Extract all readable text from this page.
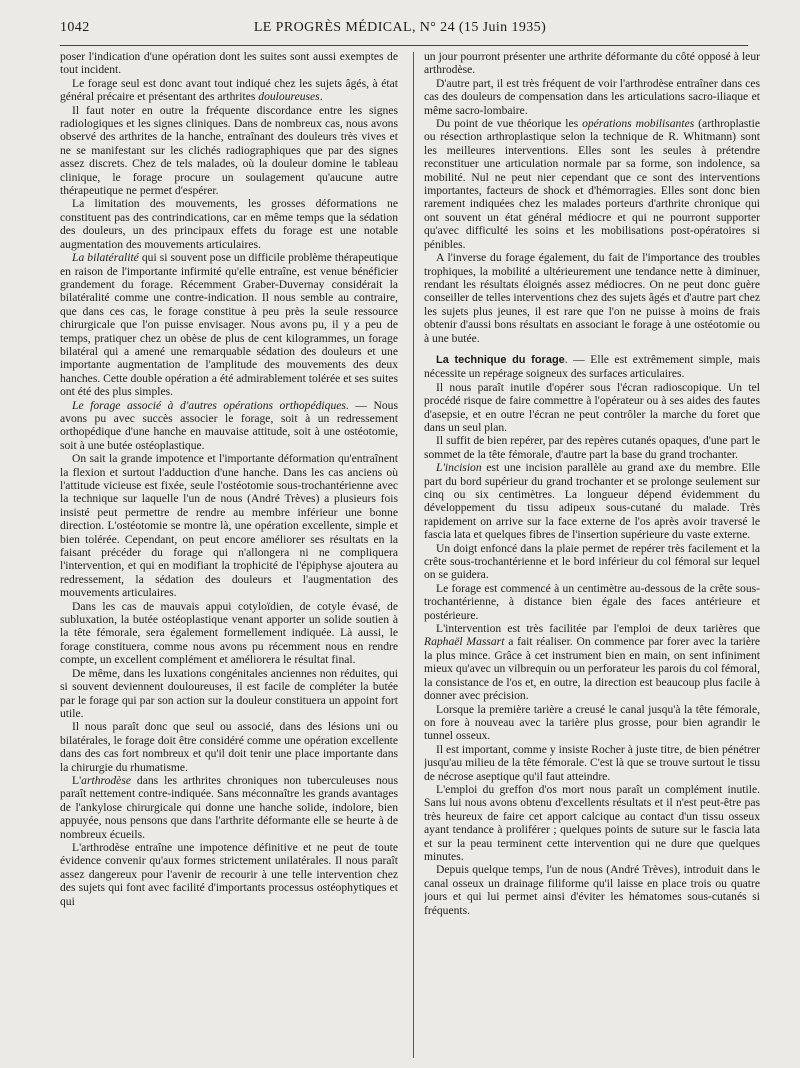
1042	LE PROGRÈS MÉDICAL, N° 24 (15 Juin 1935)

poser l'indication d'une opération dont les suites sont aussi exemptes de tout incident.

Le forage seul est donc avant tout indiqué chez les sujets âgés, à état général précaire et présentant des arthrites douloureuses.

Il faut noter en outre la fréquente discordance entre les signes radiologiques et les signes cliniques. Dans de nombreux cas, nous avons observé des arthrites de la hanche, entraînant des douleurs très vives et ne se manifestant sur les clichés radiographiques que par des signes assez discrets. Chez de tels malades, où la douleur domine le tableau clinique, le forage procure un soulagement qu'aucune autre thérapeutique ne permet d'espérer.

La limitation des mouvements, les grosses déformations ne constituent pas des contrindications, car en même temps que la sédation des douleurs, un des principaux effets du forage est une notable augmentation des mouvements articulaires.

La bilatéralité qui si souvent pose un difficile problème thérapeutique en raison de l'importante infirmité qu'elle entraîne, est venue bénéficier grandement du forage. Récemment Graber-Duvernay considérait la bilatéralité comme une contre-indication. Il nous semble au contraire, que dans ces cas, le forage constitue à peu près la seule ressource chirurgicale que l'on puisse envisager. Nous avons pu, il y a peu de temps, pratiquer chez un obèse de plus de cent kilogrammes, un forage bilatéral qui a amené une remarquable sédation des douleurs et une importante augmentation de l'amplitude des mouvements des deux hanches. Cette double opération a été admirablement tolérée et ses suites ont été des plus simples.

Le forage associé à d'autres opérations orthopédiques. — Nous avons pu avec succès associer le forage, soit à un redressement orthopédique d'une hanche en mauvaise attitude, soit à une ostéotomie, soit à une butée ostéoplastique.

On sait la grande impotence et l'importante déformation qu'entraînent la flexion et surtout l'adduction d'une hanche. Dans les cas anciens où l'attitude vicieuse est fixée, seule l'ostéotomie sous-trochantérienne avec la technique sur laquelle l'un de nous (André Trèves) a plusieurs fois insisté peut permettre de rendre au membre inférieur une bonne direction. L'ostéotomie se montre là, une opération excellente, simple et bien tolérée. Cependant, on peut encore améliorer ses résultats en la faisant précéder du forage qui n'allongera ni ne compliquera l'intervention, et qui en modifiant la trophicité de l'épiphyse ajoutera au redressement, la sédation des douleurs et l'augmentation des mouvements articulaires.

Dans les cas de mauvais appui cotyloïdien, de cotyle évasé, de subluxation, la butée ostéoplastique venant apporter un solide soutien à la tête fémorale, sera également formellement indiquée. Là aussi, le forage constituera, comme nous avons pu récemment nous en rendre compte, un excellent complément et améliorera le résultat final.

De même, dans les luxations congénitales anciennes non réduites, qui si souvent deviennent douloureuses, il est facile de compléter la butée par le forage qui par son action sur la douleur constituera un appoint fort utile.

Il nous paraît donc que seul ou associé, dans des lésions uni ou bilatérales, le forage doit être considéré comme une opération excellente dans des cas fort nombreux et qu'il doit tenir une place importante dans la chirurgie du rhumatisme.

L'arthrodèse dans les arthrites chroniques non tuberculeuses nous paraît nettement contre-indiquée. Sans méconnaître les grands avantages de l'ankylose chirurgicale qui donne une hanche solide, indolore, bien appuyée, nous pensons que dans l'arthrite déformante elle se heurte à de nombreux écueils.

L'arthrodèse entraîne une impotence définitive et ne peut de toute évidence convenir qu'aux formes strictement unilatérales. Il nous paraît assez dangereux pour l'avenir de recourir à une telle intervention chez des sujets qui font avec facilité d'importants processus ostéophytiques et qui

un jour pourront présenter une arthrite déformante du côté opposé à leur arthrodèse.

D'autre part, il est très fréquent de voir l'arthrodèse entraîner dans ces cas des douleurs de compensation dans les articulations sacro-iliaque et même sacro-lombaire.

Du point de vue théorique les opérations mobilisantes (arthroplastie ou résection arthroplastique selon la technique de R. Whitmann) sont les meilleures interventions. Elles sont les seules à prétendre reconstituer une articulation normale par sa forme, son indolence, sa mobilité. Nul ne peut nier cependant que ce sont des interventions importantes, facteurs de shock et d'hémorragies. Elles sont donc bien rarement indiquées chez les malades porteurs d'arthrite chronique qui ont souvent un état général médiocre et qui ne pourront supporter qu'avec difficulté les soins et les mobilisations post-opératoires si pénibles.

A l'inverse du forage également, du fait de l'importance des troubles trophiques, la mobilité a ultérieurement une tendance nette à diminuer, rendant les résultats éloignés assez médiocres. On ne peut donc guère conseiller de telles interventions chez des sujets âgés et d'autre part chez les sujets plus jeunes, il est rare que l'on ne puisse à moins de frais obtenir d'aussi bons résultats en associant le forage à une ostéotomie ou à une butée.

La technique du forage. — Elle est extrêmement simple, mais nécessite un repérage soigneux des surfaces articulaires.

Il nous paraît inutile d'opérer sous l'écran radioscopique. Un tel procédé risque de faire commettre à l'opérateur ou à ses aides des fautes d'asepsie, et en outre l'écran ne peut contrôler la marche du foret que dans un seul plan.

Il suffit de bien repérer, par des repères cutanés opaques, d'une part le sommet de la tête fémorale, d'autre part la base du grand trochanter.

L'incision est une incision parallèle au grand axe du membre. Elle part du bord supérieur du grand trochanter et se prolonge seulement sur cinq ou six centimètres. La longueur dépend évidemment du développement du tissu adipeux sous-cutané du malade. Très rapidement on arrive sur la face externe de l'os après avoir traversé le fascia lata et quelques fibres de l'insertion supérieure du vaste externe.

Un doigt enfoncé dans la plaie permet de repérer très facilement et la crête sous-trochantérienne et le bord inférieur du col fémoral sur lequel on se guidera.

Le forage est commencé à un centimètre au-dessous de la crête sous-trochantérienne, à distance bien égale des faces antérieure et postérieure.

L'intervention est très facilitée par l'emploi de deux tarières que Raphaël Massart a fait réaliser. On commence par forer avec la tarière la plus mince. Grâce à cet instrument bien en main, on sent infiniment mieux qu'avec un vilbrequin ou un perforateur les parois du col fémoral, la consistance de l'os et, en outre, la direction est beaucoup plus facile à donner avec précision.

Lorsque la première tarière a creusé le canal jusqu'à la tête fémorale, on fore à nouveau avec la tarière plus grosse, pour bien agrandir le tunnel osseux.

Il est important, comme y insiste Rocher à juste titre, de bien pénétrer jusqu'au milieu de la tête fémorale. C'est là que se trouve surtout le tissu de nécrose aseptique qu'il faut atteindre.

L'emploi du greffon d'os mort nous paraît un complément inutile. Sans lui nous avons obtenu d'excellents résultats et il n'est peut-être pas très heureux de faire cet apport calcique au contact d'un tissu osseux ayant tendance à proliférer ; quelques points de suture sur le fascia lata et sur la peau terminent cette intervention qui ne dure que quelques minutes.

Depuis quelque temps, l'un de nous (André Trèves), introduit dans le canal osseux un drainage filiforme qu'il laisse en place trois ou quatre jours et qui lui permet ainsi d'éviter les hématomes sous-cutanés si fréquents.
